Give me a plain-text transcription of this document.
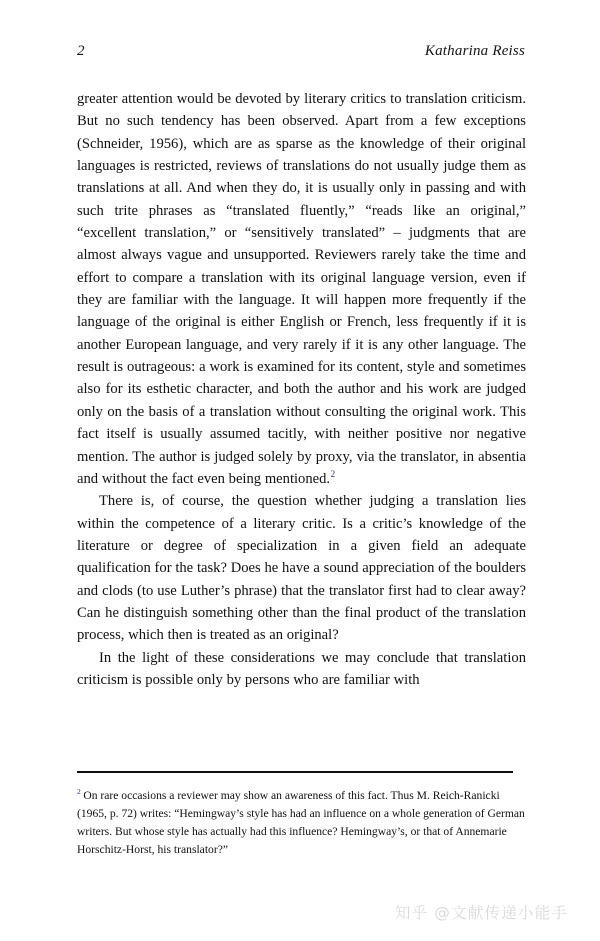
2	Katharina Reiss

greater attention would be devoted by literary critics to translation criticism. But no such tendency has been observed. Apart from a few exceptions (Schneider, 1956), which are as sparse as the knowledge of their original languages is restricted, reviews of translations do not usually judge them as translations at all. And when they do, it is usually only in passing and with such trite phrases as “translated fluently,” “reads like an original,” “excellent translation,” or “sensitively translated” – judgments that are almost always vague and unsupported. Reviewers rarely take the time and effort to compare a translation with its original language version, even if they are familiar with the language. It will happen more frequently if the language of the original is either English or French, less frequently if it is another European language, and very rarely if it is any other language. The result is outrageous: a work is examined for its content, style and sometimes also for its esthetic character, and both the author and his work are judged only on the basis of a translation without consulting the original work. This fact itself is usually assumed tacitly, with neither positive nor negative mention. The author is judged solely by proxy, via the translator, in absentia and without the fact even being mentioned.$^2$

There is, of course, the question whether judging a translation lies within the competence of a literary critic. Is a critic’s knowledge of the literature or degree of specialization in a given field an adequate qualification for the task? Does he have a sound appreciation of the boulders and clods (to use Luther’s phrase) that the translator first had to clear away? Can he distinguish something other than the final product of the translation process, which then is treated as an original?

In the light of these considerations we may conclude that translation criticism is possible only by persons who are familiar with

$^2$ On rare occasions a reviewer may show an awareness of this fact. Thus M. Reich-Ranicki (1965, p. 72) writes: “Hemingway’s style has had an influence on a whole generation of German writers. But whose style has actually had this influence? Hemingway’s, or that of Annemarie Horschitz-Horst, his translator?”

知乎 @文献传递小能手
